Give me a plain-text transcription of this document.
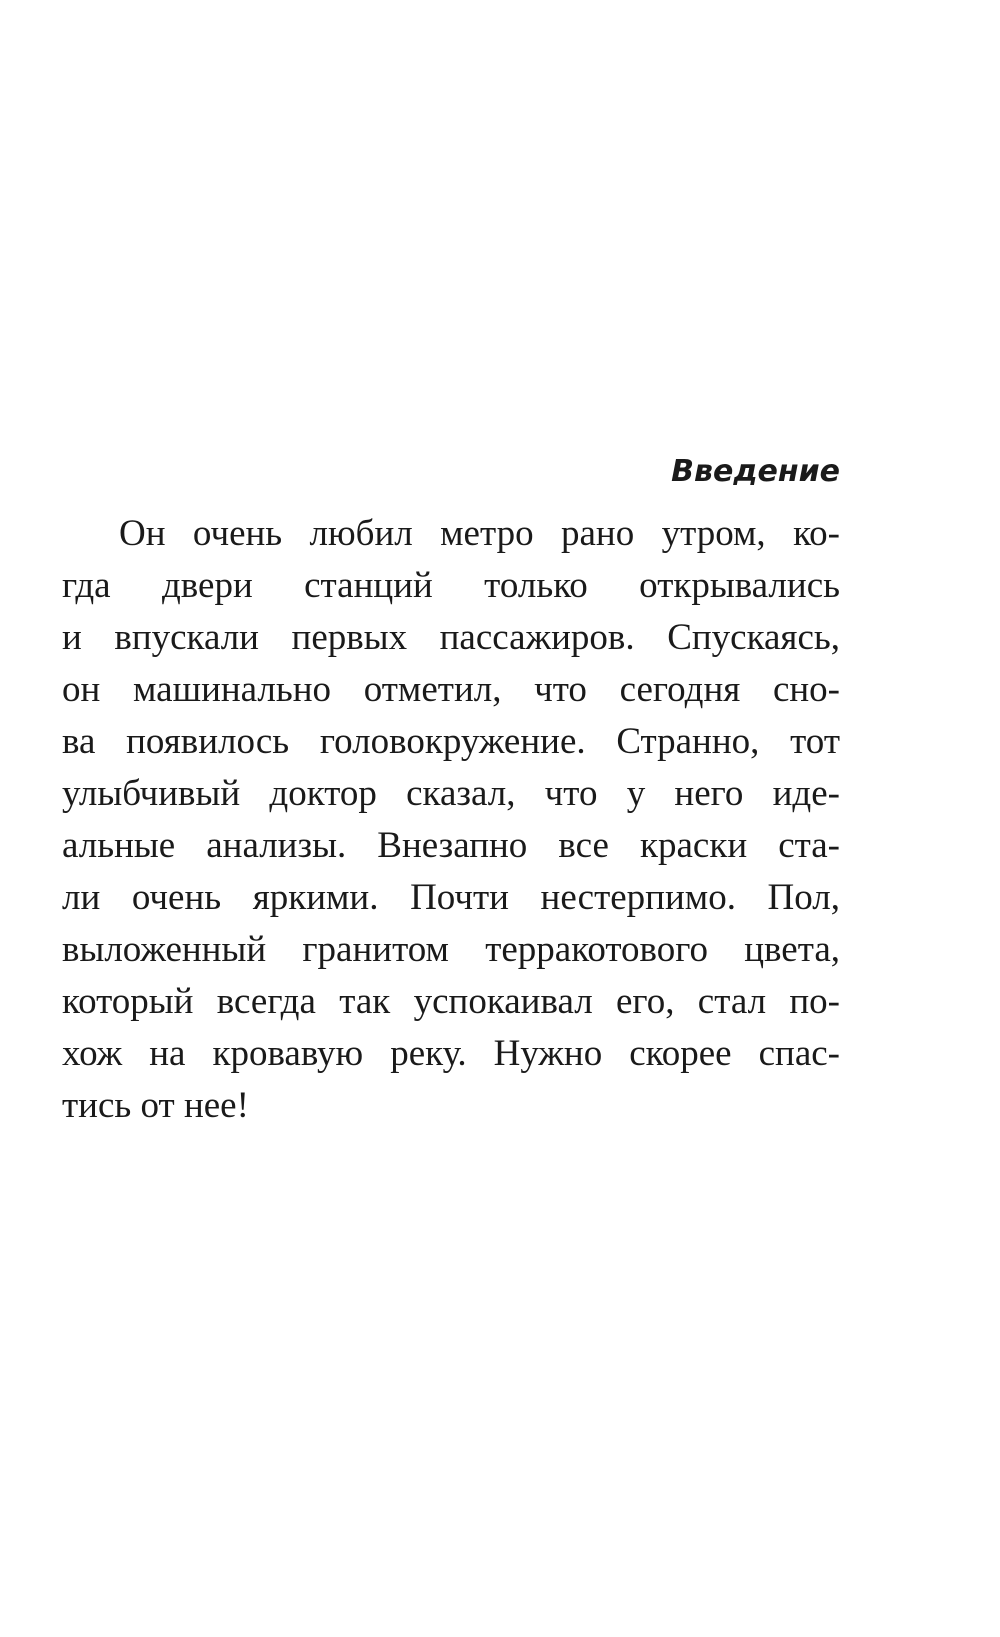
Введение

Он очень любил метро рано утром, ко-
гда двери станций только открывались
и впускали первых пассажиров. Спускаясь,
он машинально отметил, что сегодня сно-
ва появилось головокружение. Странно, тот
улыбчивый доктор сказал, что у него иде-
альные анализы. Внезапно все краски ста-
ли очень яркими. Почти нестерпимо. Пол,
выложенный гранитом терракотового цвета,
который всегда так успокаивал его, стал по-
хож на кровавую реку. Нужно скорее спас-
тись от нее!
